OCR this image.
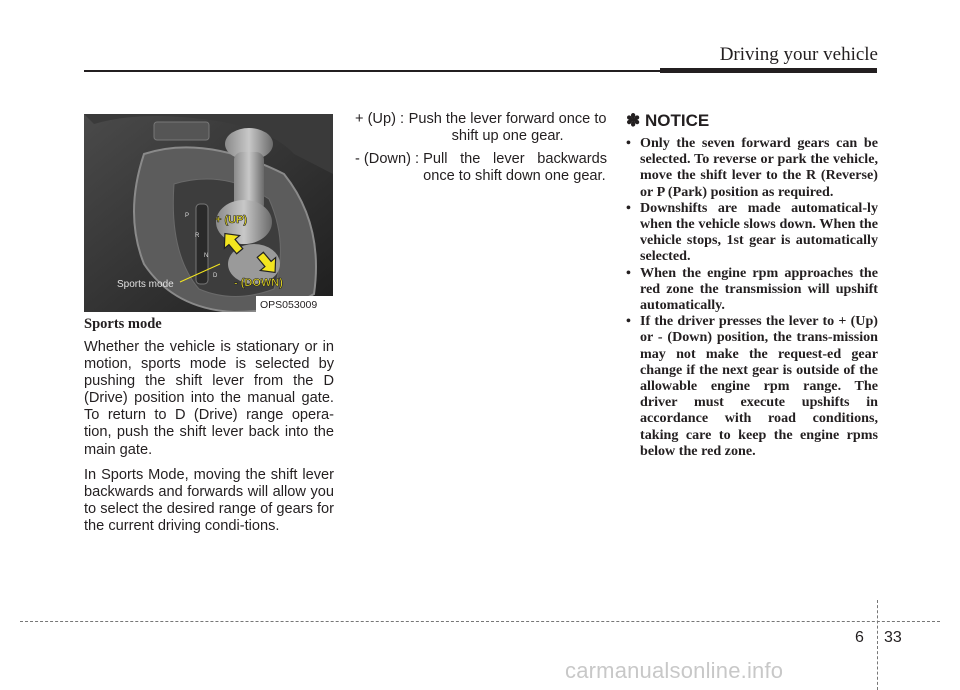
Driving your vehicle
P
R
N
D
+ (UP)
- (DOWN)
Sports mode
OPS053009
Sports mode

Whether the vehicle is stationary or in motion, sports mode is selected by pushing the shift lever from the D (Drive) position into the manual gate. To return to D (Drive) range opera-tion, push the shift lever back into the main gate.

In Sports Mode, moving the shift lever backwards and forwards will allow you to select the desired range of gears for the current driving condi-tions.

+ (Up) : Push the lever forward once to shift up one gear.
- (Down) : Pull the lever backwards once to shift down one gear.
✽ NOTICE
• Only the seven forward gears can be selected. To reverse or park the vehicle, move the shift lever to the R (Reverse) or P (Park) position as required.
• Downshifts are made automatical-ly when the vehicle slows down. When the vehicle stops, 1st gear is automatically selected.
• When the engine rpm approaches the red zone the transmission will upshift automatically.
• If the driver presses the lever to + (Up) or - (Down) position, the trans-mission may not make the request-ed gear change if the next gear is outside of the allowable engine rpm range. The driver must execute upshifts in accordance with road conditions, taking care to keep the engine rpms below the red zone.
6 33
carmanualsonline.info
